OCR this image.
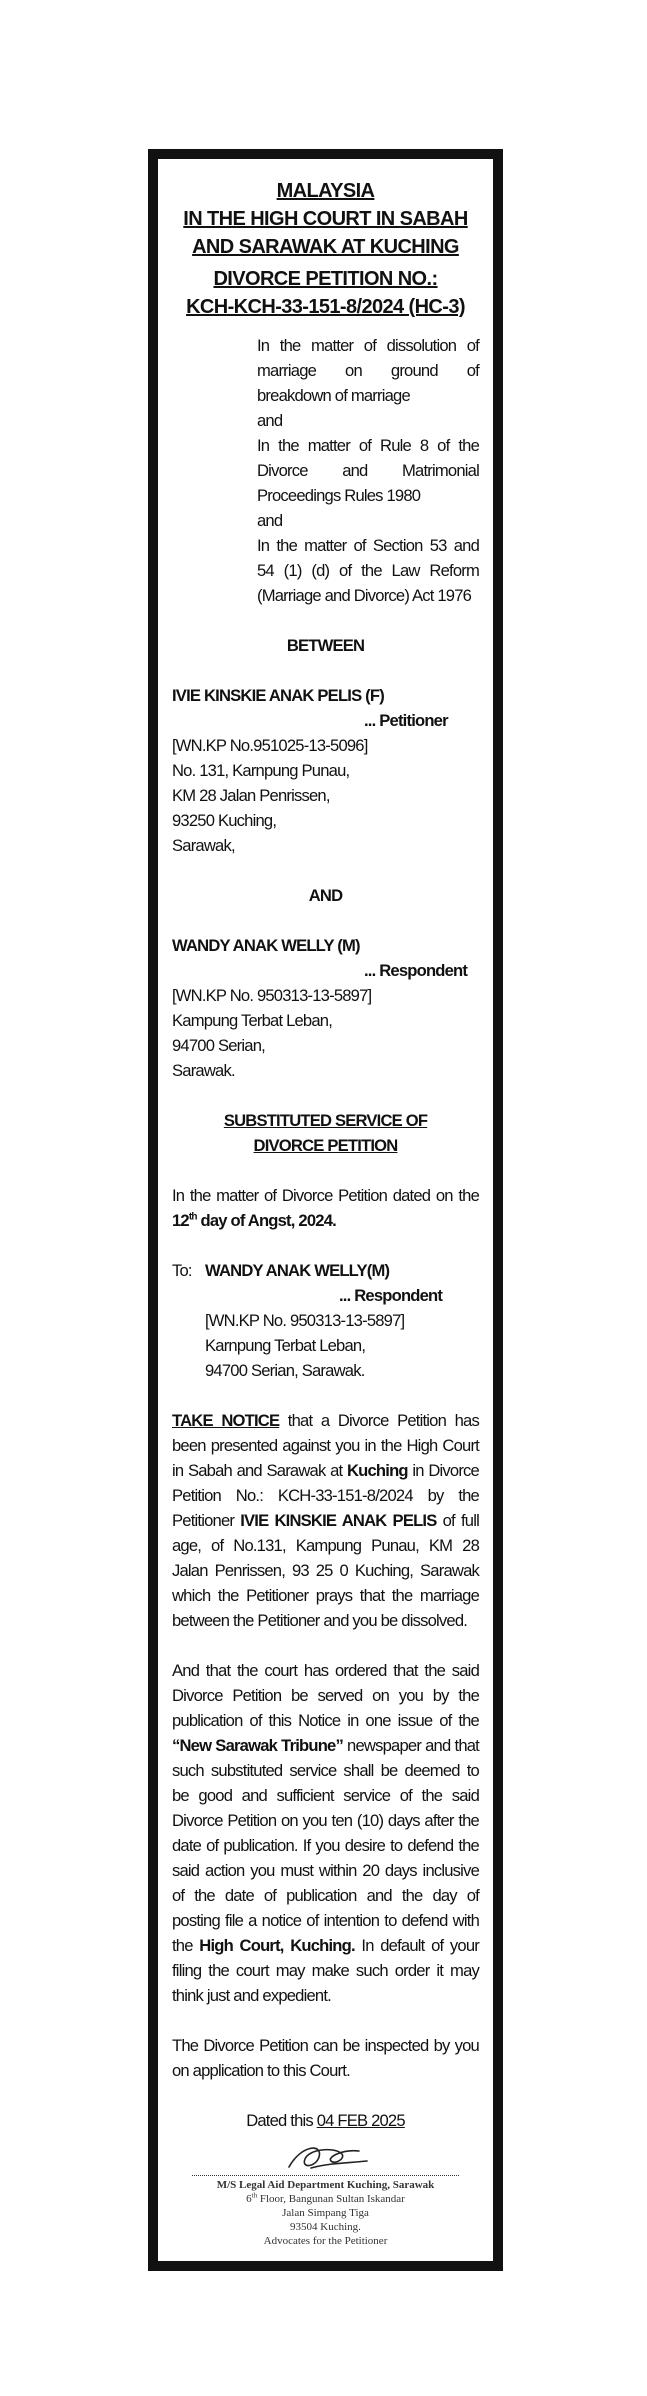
MALAYSIA
IN THE HIGH COURT IN SABAH
AND SARAWAK AT KUCHING
DIVORCE PETITION NO.:
KCH-KCH-33-151-8/2024 (HC-3)

In the matter of dissolution of marriage on ground of breakdown of marriage

and

In the matter of Rule 8 of the Divorce and Matrimonial Proceedings Rules 1980

and

In the matter of Section 53 and 54 (1) (d) of the Law Reform (Marriage and Divorce) Act 1976

BETWEEN

IVIE KINSKIE ANAK PELIS (F)

... Petitioner

[WN.KP No.951025-13-5096]

No. 131, Karnpung Punau,

KM 28 Jalan Penrissen,

93250 Kuching,

Sarawak,

AND

WANDY ANAK WELLY (M)

... Respondent

[WN.KP No. 950313-13-5897]

Kampung Terbat Leban,

94700 Serian,

Sarawak.

SUBSTITUTED SERVICE OF

DIVORCE PETITION

In the matter of Divorce Petition dated on the 12th day of Angst, 2024.

To: WANDY ANAK WELLY(M)

... Respondent

[WN.KP No. 950313-13-5897]

Karnpung Terbat Leban,

94700 Serian, Sarawak.

TAKE NOTICE that a Divorce Petition has been presented against you in the High Court in Sabah and Sarawak at Kuching in Divorce Petition No.: KCH-33-151-8/2024 by the Petitioner IVIE KINSKIE ANAK PELIS of full age, of No.131, Kampung Punau, KM 28 Jalan Penrissen, 93 25 0 Kuching, Sarawak which the Petitioner prays that the marriage between the Petitioner and you be dissolved.

And that the court has ordered that the said Divorce Petition be served on you by the publication of this Notice in one issue of the “New Sarawak Tribune” newspaper and that such substituted service shall be deemed to be good and sufficient service of the said Divorce Petition on you ten (10) days after the date of publication. If you desire to defend the said action you must within 20 days inclusive of the date of publication and the day of posting file a notice of intention to defend with the High Court, Kuching. In default of your filing the court may make such order it may think just and expedient.

The Divorce Petition can be inspected by you on application to this Court.

Dated this 04 FEB 2025

M/S Legal Aid Department Kuching, Sarawak
6th Floor, Bangunan Sultan Iskandar
Jalan Simpang Tiga
93504 Kuching.
Advocates for the Petitioner
